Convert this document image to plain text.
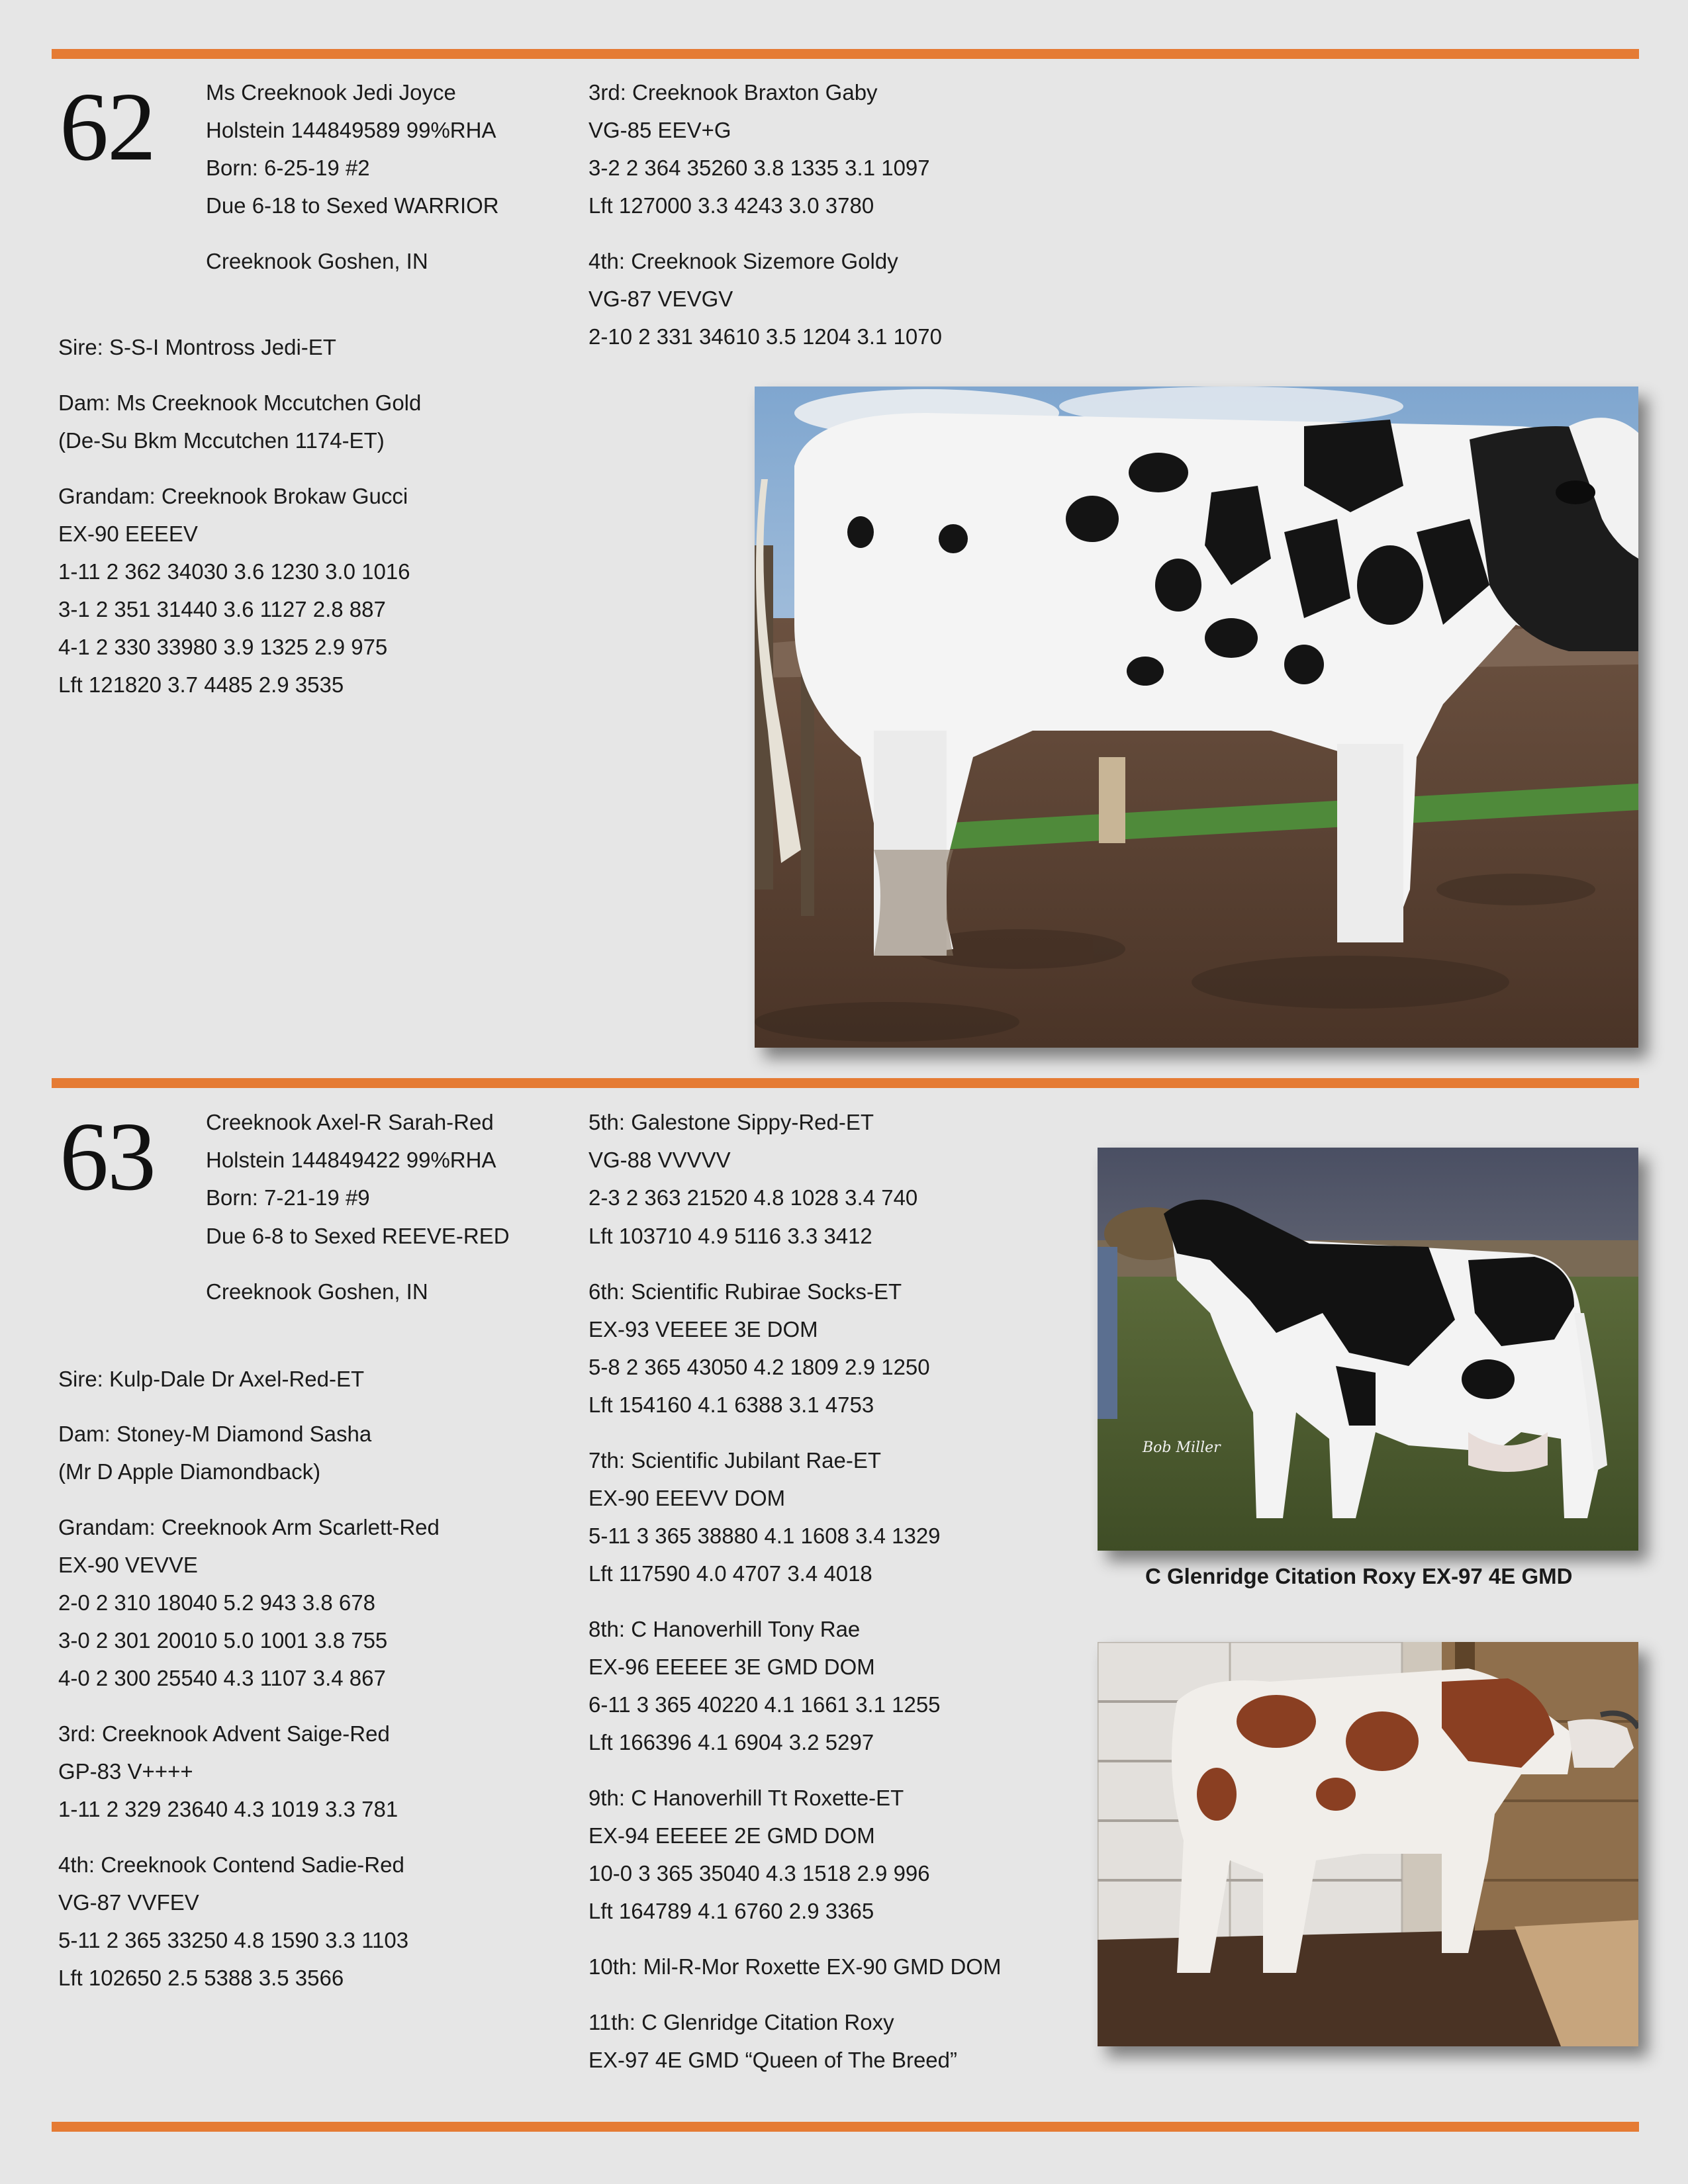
62 Ms Creeknook Jedi Joyce
Holstein 144849589 99%RHA
Born: 6-25-19 #2
Due 6-18 to Sexed WARRIOR
Creeknook Goshen, IN
Sire: S-S-I Montross Jedi-ET
Dam: Ms Creeknook Mccutchen Gold
(De-Su Bkm Mccutchen 1174-ET)
Grandam: Creeknook Brokaw Gucci
EX-90 EEEEV
1-11 2 362 34030 3.6 1230 3.0 1016
3-1 2 351 31440 3.6 1127 2.8 887
4-1 2 330 33980 3.9 1325 2.9 975
Lft 121820 3.7 4485 2.9 3535
3rd: Creeknook Braxton Gaby
VG-85 EEV+G
3-2 2 364 35260 3.8 1335 3.1 1097
Lft 127000 3.3 4243 3.0 3780
4th: Creeknook Sizemore Goldy
VG-87 VEVGV
2-10 2 331 34610 3.5 1204 3.1 1070
63 Creeknook Axel-R Sarah-Red
Holstein 144849422 99%RHA
Born: 7-21-19 #9
Due 6-8 to Sexed REEVE-RED
Creeknook Goshen, IN
Sire: Kulp-Dale Dr Axel-Red-ET
Dam: Stoney-M Diamond Sasha
(Mr D Apple Diamondback)
Grandam: Creeknook Arm Scarlett-Red
EX-90 VEVVE
2-0 2 310 18040 5.2 943 3.8 678
3-0 2 301 20010 5.0 1001 3.8 755
4-0 2 300 25540 4.3 1107 3.4 867
3rd: Creeknook Advent Saige-Red
GP-83 V++++
1-11 2 329 23640 4.3 1019 3.3 781
4th: Creeknook Contend Sadie-Red
VG-87 VVFEV
5-11 2 365 33250 4.8 1590 3.3 1103
Lft 102650 2.5 5388 3.5 3566
5th: Galestone Sippy-Red-ET
VG-88 VVVVV
2-3 2 363 21520 4.8 1028 3.4 740
Lft 103710 4.9 5116 3.3 3412
6th: Scientific Rubirae Socks-ET
EX-93 VEEEE 3E DOM
5-8 2 365 43050 4.2 1809 2.9 1250
Lft 154160 4.1 6388 3.1 4753
7th: Scientific Jubilant Rae-ET
EX-90 EEEVV DOM
5-11 3 365 38880 4.1 1608 3.4 1329
Lft 117590 4.0 4707 3.4 4018
8th: C Hanoverhill Tony Rae
EX-96 EEEEE 3E GMD DOM
6-11 3 365 40220 4.1 1661 3.1 1255
Lft 166396 4.1 6904 3.2 5297
9th: C Hanoverhill Tt Roxette-ET
EX-94 EEEEE 2E GMD DOM
10-0 3 365 35040 4.3 1518 2.9 996
Lft 164789 4.1 6760 2.9 3365
10th: Mil-R-Mor Roxette EX-90 GMD DOM
11th: C Glenridge Citation Roxy
EX-97 4E GMD “Queen of The Breed”
Bob Miller
C Glenridge Citation Roxy EX-97 4E GMD
